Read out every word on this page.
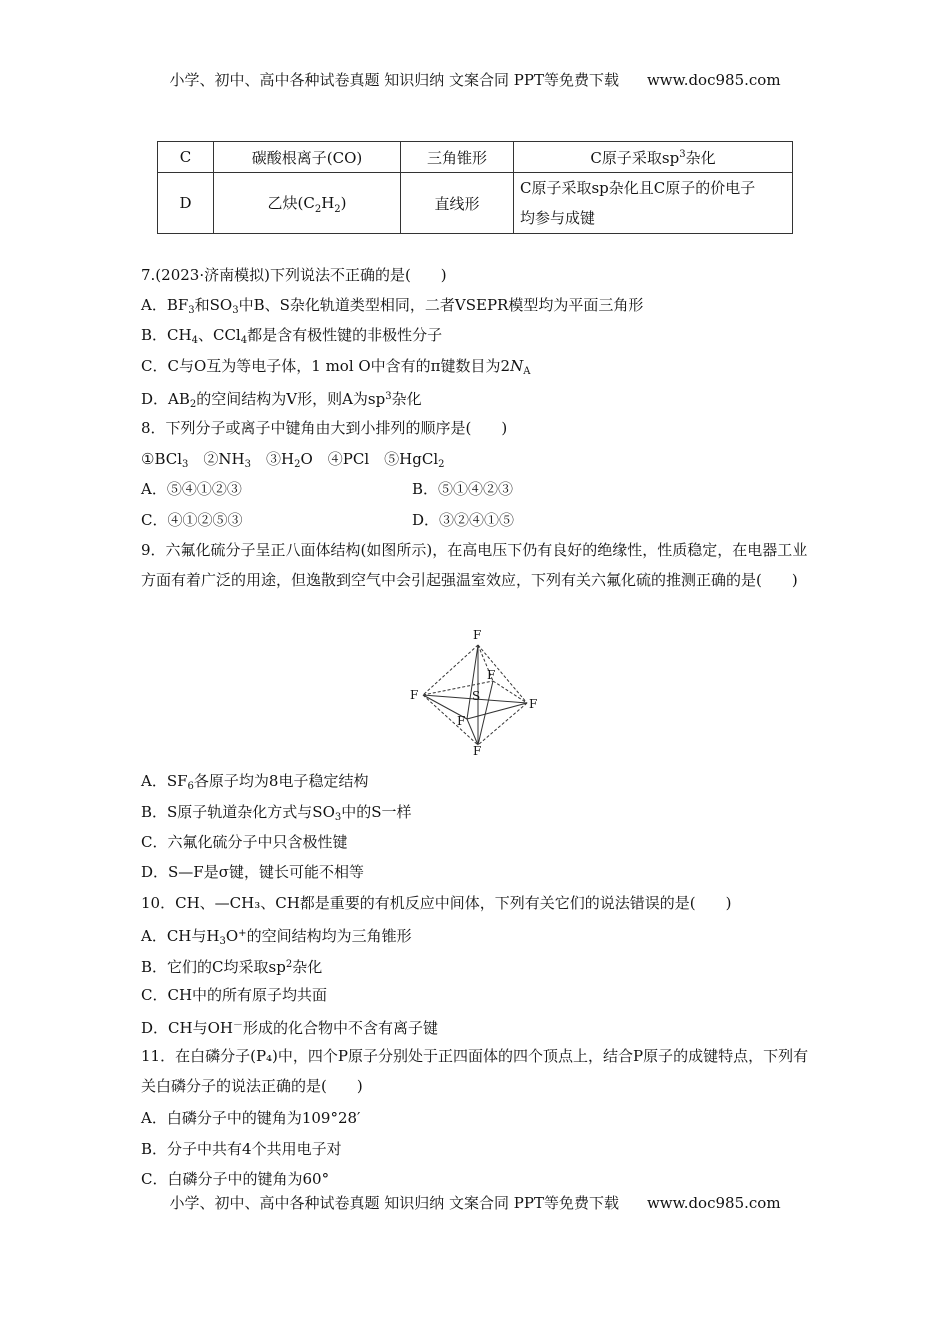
小学、初中、高中各种试卷真题 知识归纳 文案合同 PPT等免费下载 www.doc985.com
C	碳酸根离子(CO)	三角锥形	C原子采取$sp^3$杂化
D	乙炔$(C_2H_2)$	直线形	C原子采取sp杂化且C原子的价电子
均参与成键
7.(2023·济南模拟)下列说法不正确的是(　　)
A．$BF_3$和$SO_3$中B、S杂化轨道类型相同，二者VSEPR模型均为平面三角形
B．$CH_4$、CCl$_4$都是含有极性键的非极性分子
C．C与O互为等电子体，1 mol O中含有的π键数目为$2N_A$
D．$AB_2$的空间结构为V形，则A为$sp^3$杂化
8．下列分子或离子中键角由大到小排列的顺序是(　　)
①BCl$_3$　$②NH_3$　$③H_2O$　④PCl　⑤HgCl$_2$
A．⑤④①②③	B．⑤①④②③
C．④①②⑤③	D．③②④①⑤
9．六氟化硫分子呈正八面体结构(如图所示)，在高电压下仍有良好的绝缘性，性质稳定，在电器工业方面有着广泛的用途，但逸散到空气中会引起强温室效应，下列有关六氟化硫的推测正确的是(　　)
F
F
F
F
F
F
S
A．$SF_6$各原子均为8电子稳定结构
B．S原子轨道杂化方式与$SO_3$中的S一样
C．六氟化硫分子中只含极性键
D．S—F是σ键，键长可能不相等
10．CH、—CH₃、CH都是重要的有机反应中间体，下列有关它们的说法错误的是(　　)
A．CH与$H_3O^+$的空间结构均为三角锥形
B．它们的C均采取$sp^2$杂化
C．CH中的所有原子均共面
D．CH与OH－形成的化合物中不含有离子键
11．在白磷分子(P₄)中，四个P原子分别处于正四面体的四个顶点上，结合P原子的成键特点，下列有关白磷分子的说法正确的是(　　)
A．白磷分子中的键角为109°28′
B．分子中共有4个共用电子对
C．白磷分子中的键角为60°
小学、初中、高中各种试卷真题 知识归纳 文案合同 PPT等免费下载 www.doc985.com
